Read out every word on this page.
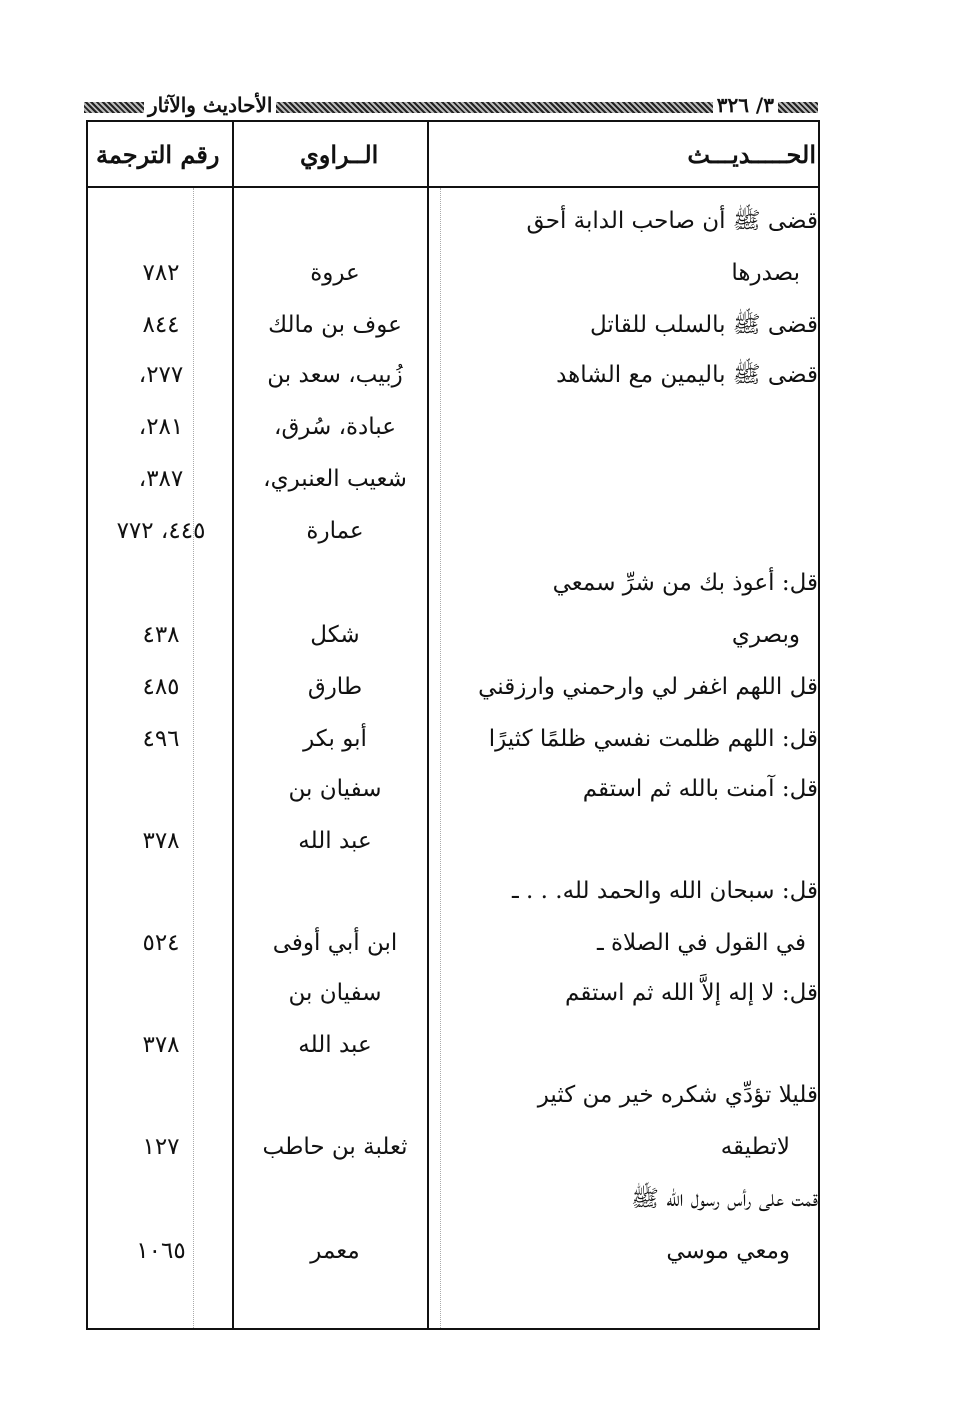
٣/ ٣٢٦
الأحاديث والآثار
الحـــــديـــث
الــراوي
رقم الترجمة
قضى ﷺ أن صاحب الدابة أحق
بصدرها
عروة
٧٨٢
قضى ﷺ بالسلب للقاتل
عوف بن مالك
٨٤٤
قضى ﷺ باليمين مع الشاهد
زُبيب، سعد بن
٢٧٧،
عبادة، سُرق،
٢٨١،
شعيب العنبري،
٣٨٧،
عمارة
٤٤٥، ٧٧٢
قل: أعوذ بك من شرِّ سمعي
وبصري
شكل
٤٣٨
قل اللهم اغفر لي وارحمني وارزقني
طارق
٤٨٥
قل: اللهم ظلمت نفسي ظلمًا كثيرًا
أبو بكر
٤٩٦
قل: آمنت بالله ثم استقم
سفيان بن
عبد الله
٣٧٨
قل: سبحان الله والحمد لله. . . ـ
في القول في الصلاة ـ
ابن أبي أوفى
٥٢٤
قل: لا إله إلاَّ الله ثم استقم
سفيان بن
عبد الله
٣٧٨
قليلا تؤدِّي شكره خير من كثير
لاتطيقه
ثعلبة بن حاطب
١٢٧
قمت على رأس رسول الله ﷺ
ومعي موسي
معمر
١٠٦٥
